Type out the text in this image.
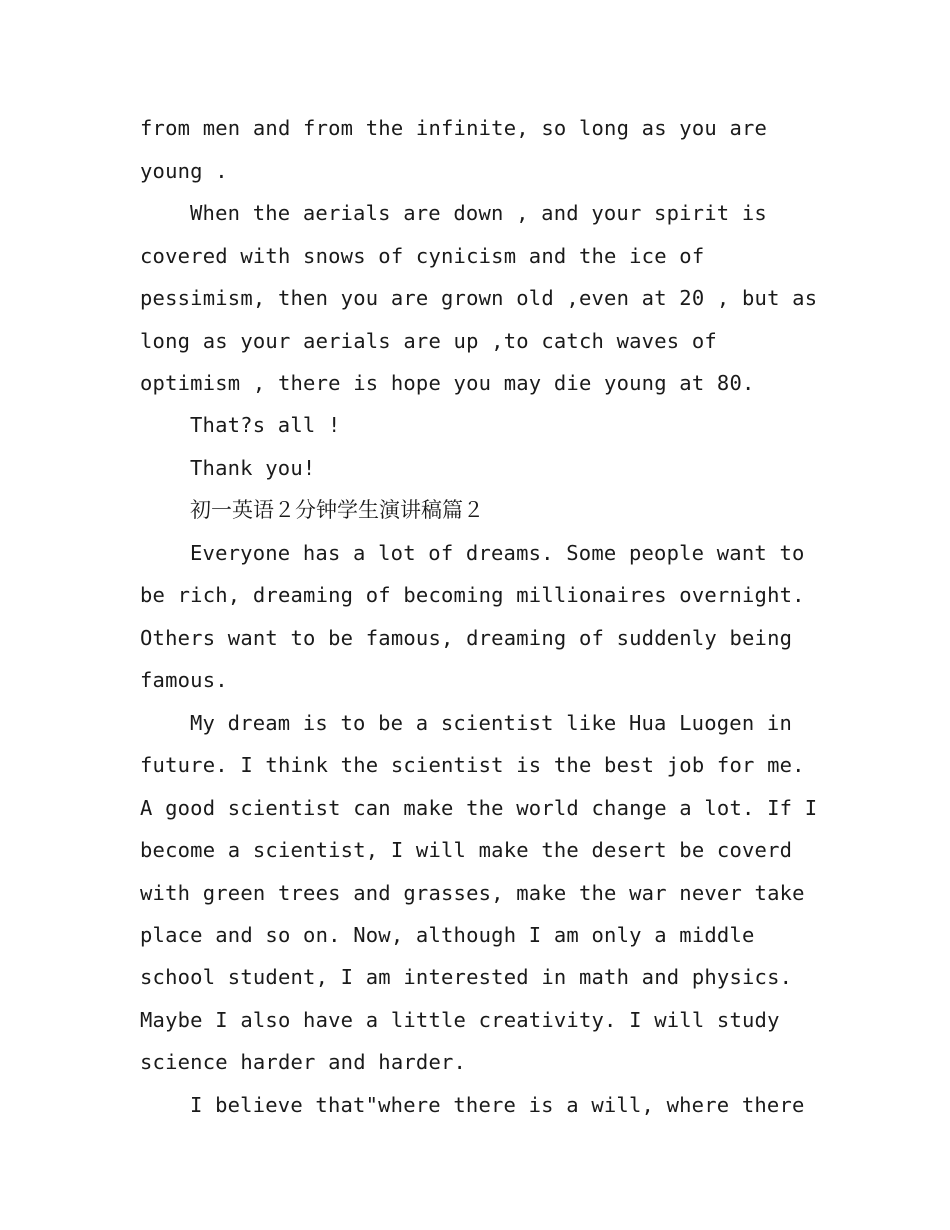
from men and from the infinite, so long as you are
young .
When the aerials are down , and your spirit is
covered with snows of cynicism and the ice of
pessimism, then you are grown old ,even at 20 , but as
long as your aerials are up ,to catch waves of
optimism , there is hope you may die young at 80.
That?s all !
Thank you!
初一英语２分钟学生演讲稿篇２
Everyone has a lot of dreams. Some people want to
be rich, dreaming of becoming millionaires overnight.
Others want to be famous, dreaming of suddenly being
famous.
My dream is to be a scientist like Hua Luogen in
future. I think the scientist is the best job for me.
A good scientist can make the world change a lot. If I
become a scientist, I will make the desert be coverd
with green trees and grasses, make the war never take
place and so on. Now, although I am only a middle
school student, I am interested in math and physics.
Maybe I also have a little creativity. I will study
science harder and harder.
I believe that"where there is a will, where there
